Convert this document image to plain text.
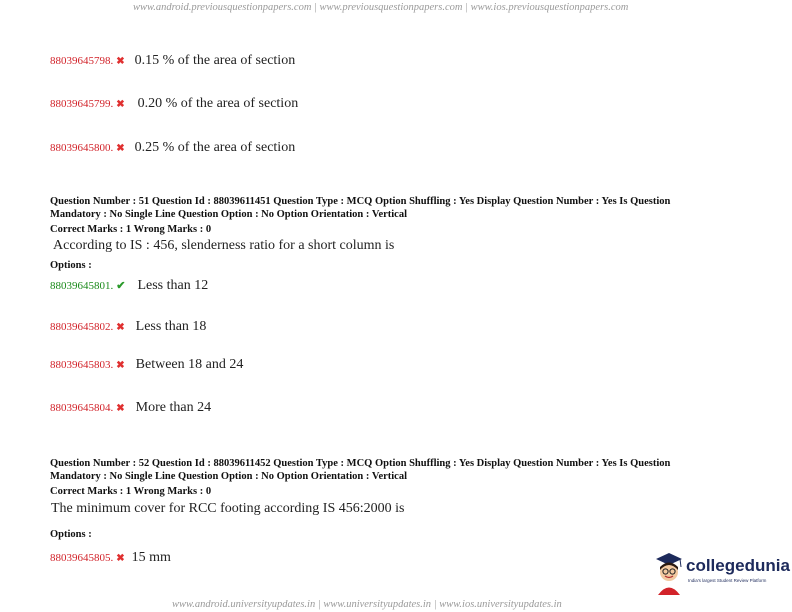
www.android.previousquestionpapers.com | www.previousquestionpapers.com | www.ios.previousquestionpapers.com
88039645798. ✖ 0.15 % of the area of section
88039645799. ✖ 0.20 % of the area of section
88039645800. ✖ 0.25 % of the area of section
Question Number : 51 Question Id : 88039611451 Question Type : MCQ Option Shuffling : Yes Display Question Number : Yes Is Question
Mandatory : No Single Line Question Option : No Option Orientation : Vertical
Correct Marks : 1 Wrong Marks : 0
According to IS : 456, slenderness ratio for a short column is
Options :
88039645801. ✔ Less than 12
88039645802. ✖ Less than 18
88039645803. ✖ Between 18 and 24
88039645804. ✖ More than 24
Question Number : 52 Question Id : 88039611452 Question Type : MCQ Option Shuffling : Yes Display Question Number : Yes Is Question
Mandatory : No Single Line Question Option : No Option Orientation : Vertical
Correct Marks : 1 Wrong Marks : 0
The minimum cover for RCC footing according IS 456:2000 is
Options :
88039645805. ✖ 15 mm	collegedunia
India's largest Student Review Platform
www.android.universityupdates.in | www.universityupdates.in | www.ios.universityupdates.in
